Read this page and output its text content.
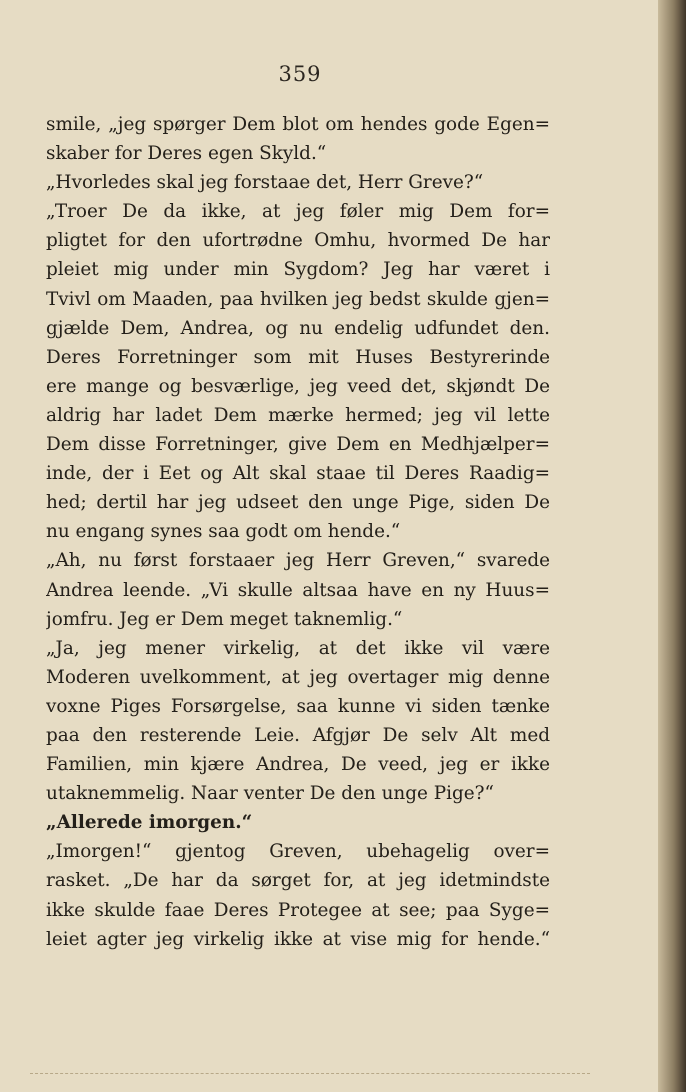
359
smile, „jeg spørger Dem blot om hendes gode Egen=
skaber for Deres egen Skyld.“
„Hvorledes skal jeg forstaae det, Herr Greve?“
„Troer De da ikke, at jeg føler mig Dem for=
pligtet for den ufortrødne Omhu, hvormed De har
pleiet mig under min Sygdom? Jeg har været i
Tvivl om Maaden, paa hvilken jeg bedst skulde gjen=
gjælde Dem, Andrea, og nu endelig udfundet den.
Deres Forretninger som mit Huses Bestyrerinde
ere mange og besværlige, jeg veed det, skjøndt De
aldrig har ladet Dem mærke hermed; jeg vil lette
Dem disse Forretninger, give Dem en Medhjælper=
inde, der i Eet og Alt skal staae til Deres Raadig=
hed; dertil har jeg udseet den unge Pige, siden De
nu engang synes saa godt om hende.“
„Ah, nu først forstaaer jeg Herr Greven,“ svarede
Andrea leende. „Vi skulle altsaa have en ny Huus=
jomfru. Jeg er Dem meget taknemlig.“
„Ja, jeg mener virkelig, at det ikke vil være
Moderen uvelkomment, at jeg overtager mig denne
voxne Piges Forsørgelse, saa kunne vi siden tænke
paa den resterende Leie. Afgjør De selv Alt med
Familien, min kjære Andrea, De veed, jeg er ikke
utaknemmelig. Naar venter De den unge Pige?“
„Allerede imorgen.“
„Imorgen!“ gjentog Greven, ubehagelig over=
rasket. „De har da sørget for, at jeg idetmindste
ikke skulde faae Deres Protegee at see; paa Syge=
leiet agter jeg virkelig ikke at vise mig for hende.“
